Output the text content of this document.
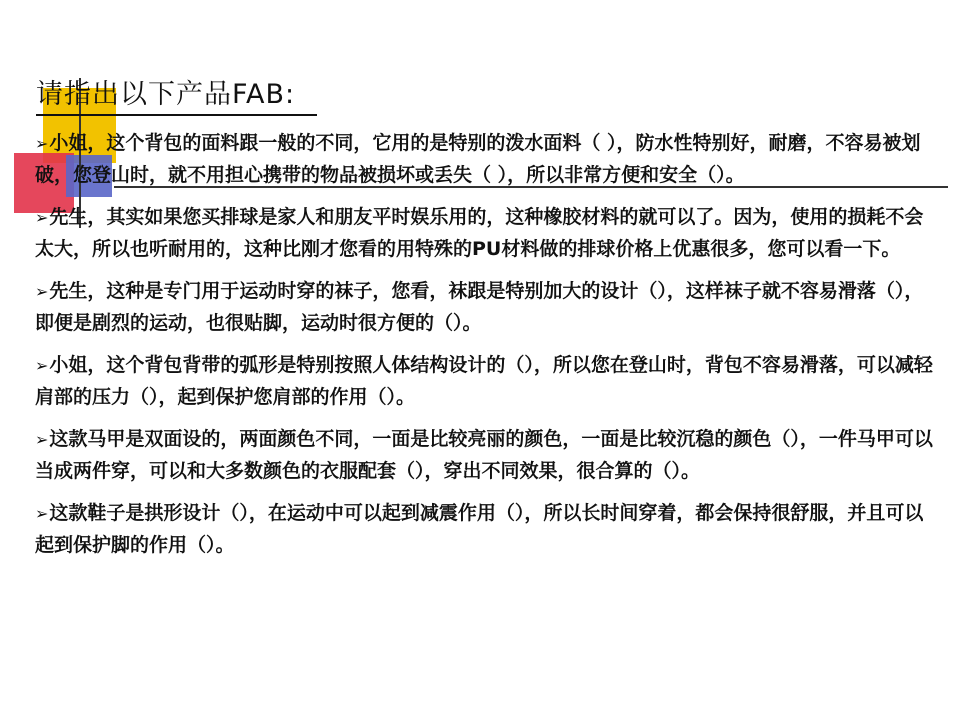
请指出以下产品FAB:

➢小姐，这个背包的面料跟一般的不同，它用的是特别的泼水面料（ ），防水性特别好，耐磨，不容易被划破，您登山时，就不用担心携带的物品被损坏或丢失（ ），所以非常方便和安全（）。

➢先生，其实如果您买排球是家人和朋友平时娱乐用的，这种橡胶材料的就可以了。因为，使用的损耗不会太大，所以也听耐用的，这种比刚才您看的用特殊的PU材料做的排球价格上优惠很多，您可以看一下。

➢先生，这种是专门用于运动时穿的袜子，您看，袜跟是特别加大的设计（），这样袜子就不容易滑落（），即便是剧烈的运动，也很贴脚，运动时很方便的（）。

➢小姐，这个背包背带的弧形是特别按照人体结构设计的（），所以您在登山时，背包不容易滑落，可以减轻肩部的压力（），起到保护您肩部的作用（）。

➢这款马甲是双面设的，两面颜色不同，一面是比较亮丽的颜色，一面是比较沉稳的颜色（），一件马甲可以当成两件穿，可以和大多数颜色的衣服配套（），穿出不同效果，很合算的（）。

➢这款鞋子是拱形设计（），在运动中可以起到减震作用（），所以长时间穿着，都会保持很舒服，并且可以起到保护脚的作用（）。
